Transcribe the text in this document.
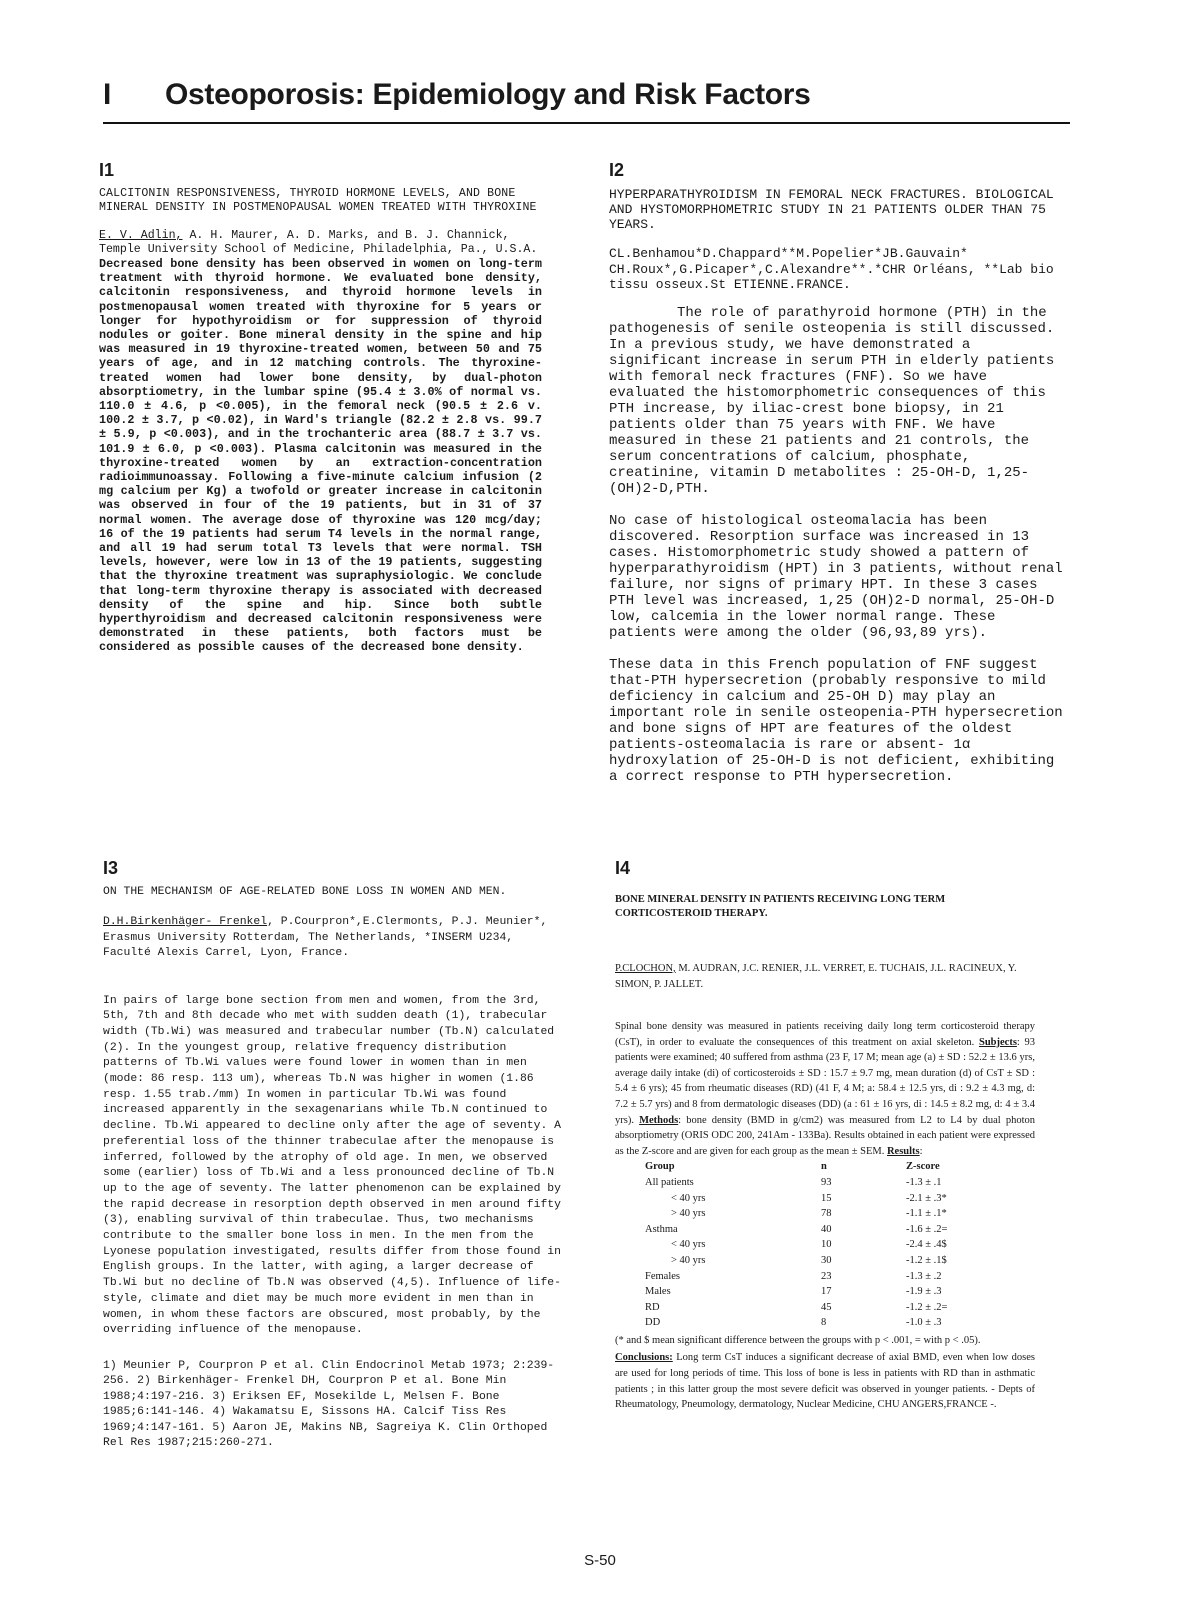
I Osteoporosis: Epidemiology and Risk Factors
I1

CALCITONIN RESPONSIVENESS, THYROID HORMONE LEVELS, AND BONE MINERAL DENSITY IN POSTMENOPAUSAL WOMEN TREATED WITH THYROXINE

E. V. Adlin, A. H. Maurer, A. D. Marks, and B. J. Channick, Temple University School of Medicine, Philadelphia, Pa., U.S.A.

Decreased bone density has been observed in women on long-term treatment with thyroid hormone. We evaluated bone density, calcitonin responsiveness, and thyroid hormone levels in postmenopausal women treated with thyroxine for 5 years or longer for hypothyroidism or for suppression of thyroid nodules or goiter. Bone mineral density in the spine and hip was measured in 19 thyroxine-treated women, between 50 and 75 years of age, and in 12 matching controls. The thyroxine-treated women had lower bone density, by dual-photon absorptiometry, in the lumbar spine (95.4 ± 3.0% of normal vs. 110.0 ± 4.6, p <0.005), in the femoral neck (90.5 ± 2.6 v. 100.2 ± 3.7, p <0.02), in Ward's triangle (82.2 ± 2.8 vs. 99.7 ± 5.9, p <0.003), and in the trochanteric area (88.7 ± 3.7 vs. 101.9 ± 6.0, p <0.003). Plasma calcitonin was measured in the thyroxine-treated women by an extraction-concentration radioimmunoassay. Following a five-minute calcium infusion (2 mg calcium per Kg) a twofold or greater increase in calcitonin was observed in four of the 19 patients, but in 31 of 37 normal women. The average dose of thyroxine was 120 mcg/day; 16 of the 19 patients had serum T4 levels in the normal range, and all 19 had serum total T3 levels that were normal. TSH levels, however, were low in 13 of the 19 patients, suggesting that the thyroxine treatment was supraphysiologic. We conclude that long-term thyroxine therapy is associated with decreased density of the spine and hip. Since both subtle hyperthyroidism and decreased calcitonin responsiveness were demonstrated in these patients, both factors must be considered as possible causes of the decreased bone density.

I2

HYPERPARATHYROIDISM IN FEMORAL NECK FRACTURES. BIOLOGICAL AND HYSTOMORPHOMETRIC STUDY IN 21 PATIENTS OLDER THAN 75 YEARS.

CL.Benhamou*D.Chappard**M.Popelier*JB.Gauvain* CH.Roux*,G.Picaper*,C.Alexandre**.*CHR Orléans, **Lab bio tissu osseux.St ETIENNE.FRANCE.

The role of parathyroid hormone (PTH) in the pathogenesis of senile osteopenia is still discussed. In a previous study, we have demonstrated a significant increase in serum PTH in elderly patients with femoral neck fractures (FNF). So we have evaluated the histomorphometric consequences of this PTH increase, by iliac-crest bone biopsy, in 21 patients older than 75 years with FNF. We have measured in these 21 patients and 21 controls, the serum concentrations of calcium, phosphate, creatinine, vitamin D metabolites : 25-OH-D, 1,25-(OH)2-D,PTH.

No case of histological osteomalacia has been discovered. Resorption surface was increased in 13 cases. Histomorphometric study showed a pattern of hyperparathyroidism (HPT) in 3 patients, without renal failure, nor signs of primary HPT. In these 3 cases PTH level was increased, 1,25 (OH)2-D normal, 25-OH-D low, calcemia in the lower normal range. These patients were among the older (96,93,89 yrs).

These data in this French population of FNF suggest that-PTH hypersecretion (probably responsive to mild deficiency in calcium and 25-OH D) may play an important role in senile osteopenia-PTH hypersecretion and bone signs of HPT are features of the oldest patients-osteomalacia is rare or absent- 1α hydroxylation of 25-OH-D is not deficient, exhibiting a correct response to PTH hypersecretion.

I3

ON THE MECHANISM OF AGE-RELATED BONE LOSS IN WOMEN AND MEN.

D.H.Birkenhäger- Frenkel, P.Courpron*,E.Clermonts, P.J. Meunier*, Erasmus University Rotterdam, The Netherlands, *INSERM U234, Faculté Alexis Carrel, Lyon, France.

In pairs of large bone section from men and women, from the 3rd, 5th, 7th and 8th decade who met with sudden death (1), trabecular width (Tb.Wi) was measured and trabecular number (Tb.N) calculated (2). In the youngest group, relative frequency distribution patterns of Tb.Wi values were found lower in women than in men (mode: 86 resp. 113 um), whereas Tb.N was higher in women (1.86 resp. 1.55 trab./mm) In women in particular Tb.Wi was found increased apparently in the sexagenarians while Tb.N continued to decline. Tb.Wi appeared to decline only after the age of seventy. A preferential loss of the thinner trabeculae after the menopause is inferred, followed by the atrophy of old age. In men, we observed some (earlier) loss of Tb.Wi and a less pronounced decline of Tb.N up to the age of seventy. The latter phenomenon can be explained by the rapid decrease in resorption depth observed in men around fifty (3), enabling survival of thin trabeculae. Thus, two mechanisms contribute to the smaller bone loss in men. In the men from the Lyonese population investigated, results differ from those found in English groups. In the latter, with aging, a larger decrease of Tb.Wi but no decline of Tb.N was observed (4,5). Influence of life-style, climate and diet may be much more evident in men than in women, in whom these factors are obscured, most probably, by the overriding influence of the menopause.

1) Meunier P, Courpron P et al. Clin Endocrinol Metab 1973; 2:239-256. 2) Birkenhäger- Frenkel DH, Courpron P et al. Bone Min 1988;4:197-216. 3) Eriksen EF, Mosekilde L, Melsen F. Bone 1985;6:141-146. 4) Wakamatsu E, Sissons HA. Calcif Tiss Res 1969;4:147-161. 5) Aaron JE, Makins NB, Sagreiya K. Clin Orthoped Rel Res 1987;215:260-271.

I4

BONE MINERAL DENSITY IN PATIENTS RECEIVING LONG TERM CORTICOSTEROID THERAPY.

P.CLOCHON, M. AUDRAN, J.C. RENIER, J.L. VERRET, E. TUCHAIS, J.L. RACINEUX, Y. SIMON, P. JALLET.

Spinal bone density was measured in patients receiving daily long term corticosteroid therapy (CsT), in order to evaluate the consequences of this treatment on axial skeleton. Subjects: 93 patients were examined; 40 suffered from asthma (23 F, 17 M; mean age (a) ± SD : 52.2 ± 13.6 yrs, average daily intake (di) of corticosteroids ± SD : 15.7 ± 9.7 mg, mean duration (d) of CsT ± SD : 5.4 ± 6 yrs); 45 from rheumatic diseases (RD) (41 F, 4 M; a: 58.4 ± 12.5 yrs, di : 9.2 ± 4.3 mg, d: 7.2 ± 5.7 yrs) and 8 from dermatologic diseases (DD) (a : 61 ± 16 yrs, di : 14.5 ± 8.2 mg, d: 4 ± 3.4 yrs). Methods: bone density (BMD in g/cm2) was measured from L2 to L4 by dual photon absorptiometry (ORIS ODC 200, 241Am - 133Ba). Results obtained in each patient were expressed as the Z-score and are given for each group as the mean ± SEM. Results:

Group	n	Z-score
All patients	93	-1.3 ± .1
< 40 yrs	15	-2.1 ± .3*
> 40 yrs	78	-1.1 ± .1*
Asthma	40	-1.6 ± .2=
< 40 yrs	10	-2.4 ± .4$
> 40 yrs	30	-1.2 ± .1$
Females	23	-1.3 ± .2
Males	17	-1.9 ± .3
RD	45	-1.2 ± .2=
DD	8	-1.0 ± .3

(* and $ mean significant difference between the groups with p < .001, = with p < .05).

Conclusions: Long term CsT induces a significant decrease of axial BMD, even when low doses are used for long periods of time. This loss of bone is less in patients with RD than in asthmatic patients ; in this latter group the most severe deficit was observed in younger patients. - Depts of Rheumatology, Pneumology, dermatology, Nuclear Medicine, CHU ANGERS,FRANCE -.

S-50
